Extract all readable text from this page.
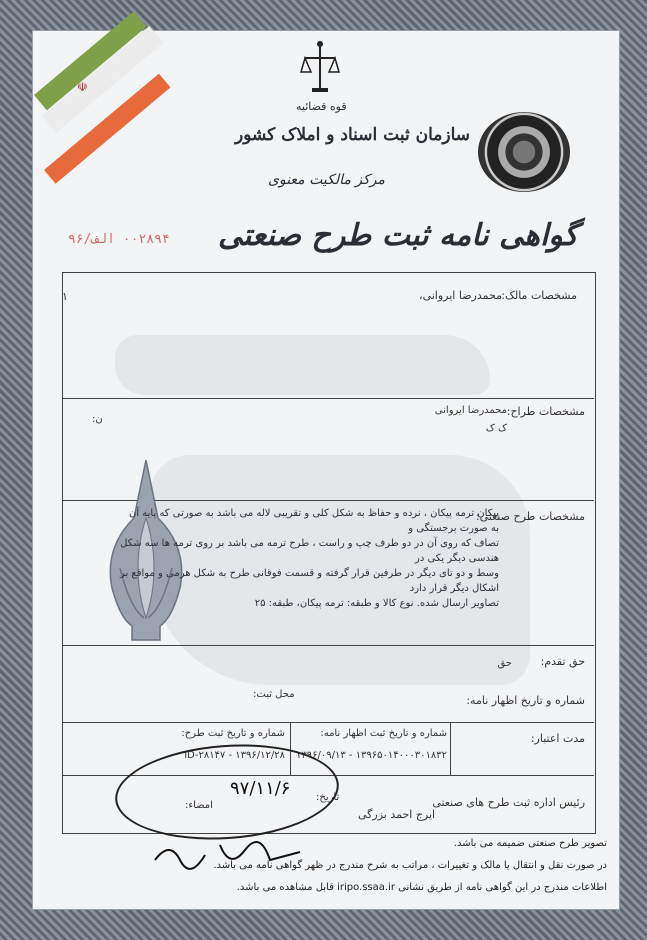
☫
قوه قضائیه
سازمان ثبت اسناد و املاک کشور
مرکز مالکیت معنوی
گواهی نامه ثبت طرح صنعتی
۰۰۲۸۹۴ الف/۹۶
۱	مشخصات مالک:
محمدرضا ایروانی،
ن:
مشخصات طراح:
محمدرضا ایروانی
ک ک
مشخصات طرح صنعتی:
پیکان ترمه پیکان ، نرده و حفاظ به شکل کلی و تقریبی لاله می باشد به صورتی که پایه آن به صورت برجستگی و
تصاف که روی آن در دو طرف چپ و راست ، طرح ترمه می باشد بر روی ترمه ها سه شکل هندسی دیگر یکی در
وسط و دو تای دیگر در طرفین قرار گرفته و قسمت فوقانی طرح به شکل هرمی و مواقع بر اشکال دیگر قرار دارد
تصاویر ارسال شده. نوع کالا و طبقه: ترمه پیکان، طبقه: ۲۵
حق تقدم:
حق
محل ثبت:	شماره و تاریخ اظهار نامه:
مدت اعتبار:
شماره و تاریخ ثبت اظهار نامه:
۱۳۹۶۵۰۱۴۰۰۰۳۰۱۸۳۲ - ۱۳۹۶/۰۹/۱۳
شماره و تاریخ ثبت طرح:
۱۳۹۶/۱۲/۲۸ - ID-۲۸۱۴۷
رئیس اداره ثبت طرح های صنعتی
ایرج احمد بزرگی
تاریخ:
امضاء:
۹۷/۱۱/۶
تصویر طرح صنعتی ضمیمه می باشد.
در صورت نقل و انتقال یا مالک و تغییرات ، مراتب به شرح مندرج در ظهر گواهی نامه می باشد.
اطلاعات مندرج در این گواهی نامه از طریق نشانی iripo.ssaa.ir قابل مشاهده می باشد.
